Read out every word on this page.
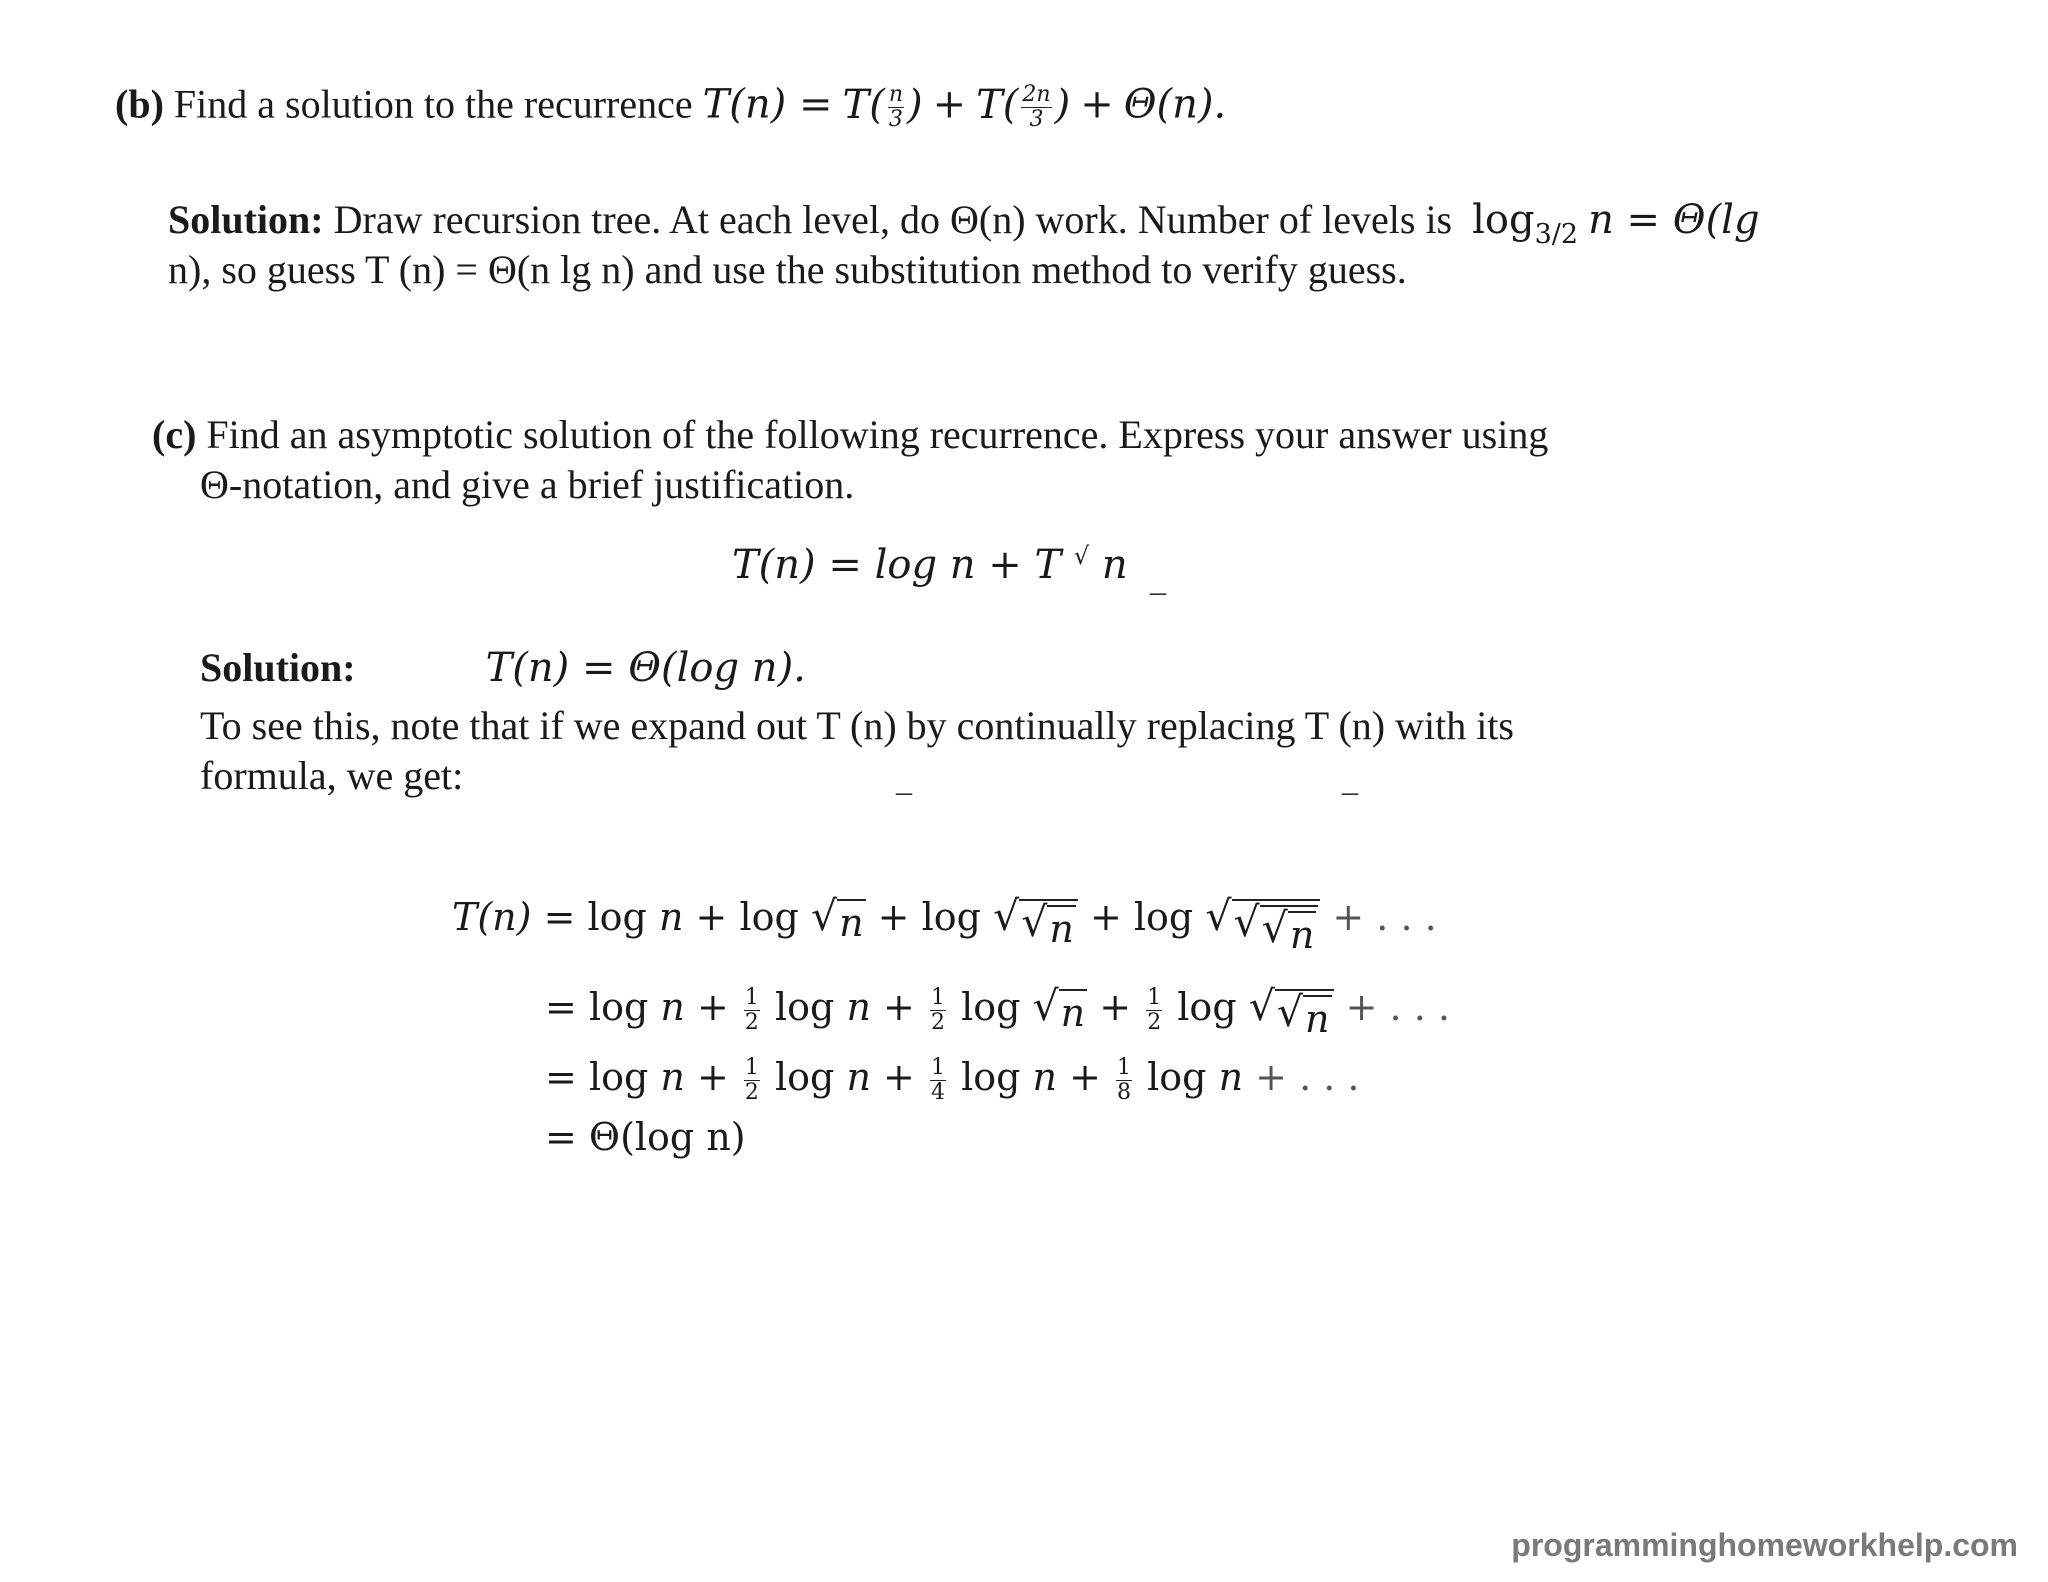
(b) Find a solution to the recurrence $T(n) = T( \frac{n}{3}$ ) + $T( \frac{2n}{3}$ ) + Θ(n).
Solution: Draw recursion tree. At each level, do Θ(n) work. Number of levels is $\log_{3/2} n = \Theta(\lg$
n), so guess T (n) = Θ(n lg n) and use the substitution method to verify guess.
(c) Find an asymptotic solution of the following recurrence. Express your answer using
Θ-notation, and give a brief justification.
T(n) = log n + T √ n _
Solution:	T(n) = Θ(log n).
To see this, note that if we expand out T (n) by continually replacing T (n) with its
formula, we get:	_	_
T(n) = log n + log √ n + log √ √ n + log √ √ √ n + . . .
= $\log n + \frac{1}{2}$ $\log n + \frac{1}{2}$ log √ $n + \frac{1}{2}$ log √ √ n + . . .
= $\log n + \frac{1}{2}$ $\log n + \frac{1}{4}$ $\log n + \frac{1}{8}$ log n + . . .
= Θ(log n)
programminghomeworkhelp.com
